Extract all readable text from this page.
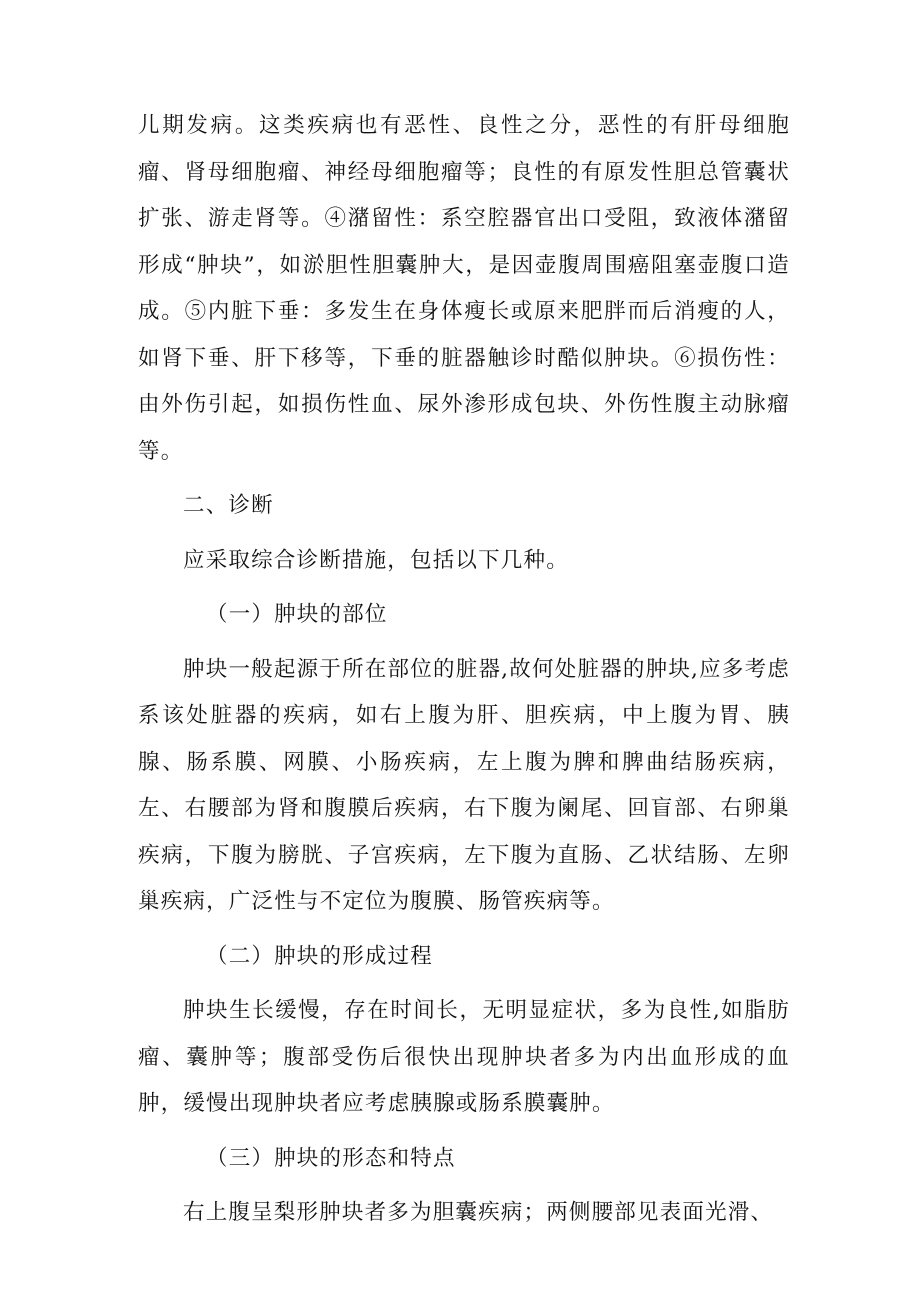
儿期发病。这类疾病也有恶性、良性之分，恶性的有肝母细胞瘤、肾母细胞瘤、神经母细胞瘤等；良性的有原发性胆总管囊状扩张、游走肾等。④潴留性：系空腔器官出口受阻，致液体潴留形成“肿块”，如淤胆性胆囊肿大，是因壶腹周围癌阻塞壶腹口造成。⑤内脏下垂：多发生在身体瘦长或原来肥胖而后消瘦的人，如肾下垂、肝下移等，下垂的脏器触诊时酷似肿块。⑥损伤性：由外伤引起，如损伤性血、尿外渗形成包块、外伤性腹主动脉瘤等。

二、诊断

应采取综合诊断措施，包括以下几种。

（一）肿块的部位

肿块一般起源于所在部位的脏器,故何处脏器的肿块,应多考虑系该处脏器的疾病，如右上腹为肝、胆疾病，中上腹为胃、胰腺、肠系膜、网膜、小肠疾病，左上腹为脾和脾曲结肠疾病，左、右腰部为肾和腹膜后疾病，右下腹为阑尾、回盲部、右卵巢疾病，下腹为膀胱、子宫疾病，左下腹为直肠、乙状结肠、左卵巢疾病，广泛性与不定位为腹膜、肠管疾病等。

（二）肿块的形成过程

肿块生长缓慢，存在时间长，无明显症状，多为良性,如脂肪瘤、囊肿等；腹部受伤后很快出现肿块者多为内出血形成的血肿，缓慢出现肿块者应考虑胰腺或肠系膜囊肿。

（三）肿块的形态和特点

右上腹呈梨形肿块者多为胆囊疾病；两侧腰部见表面光滑、
